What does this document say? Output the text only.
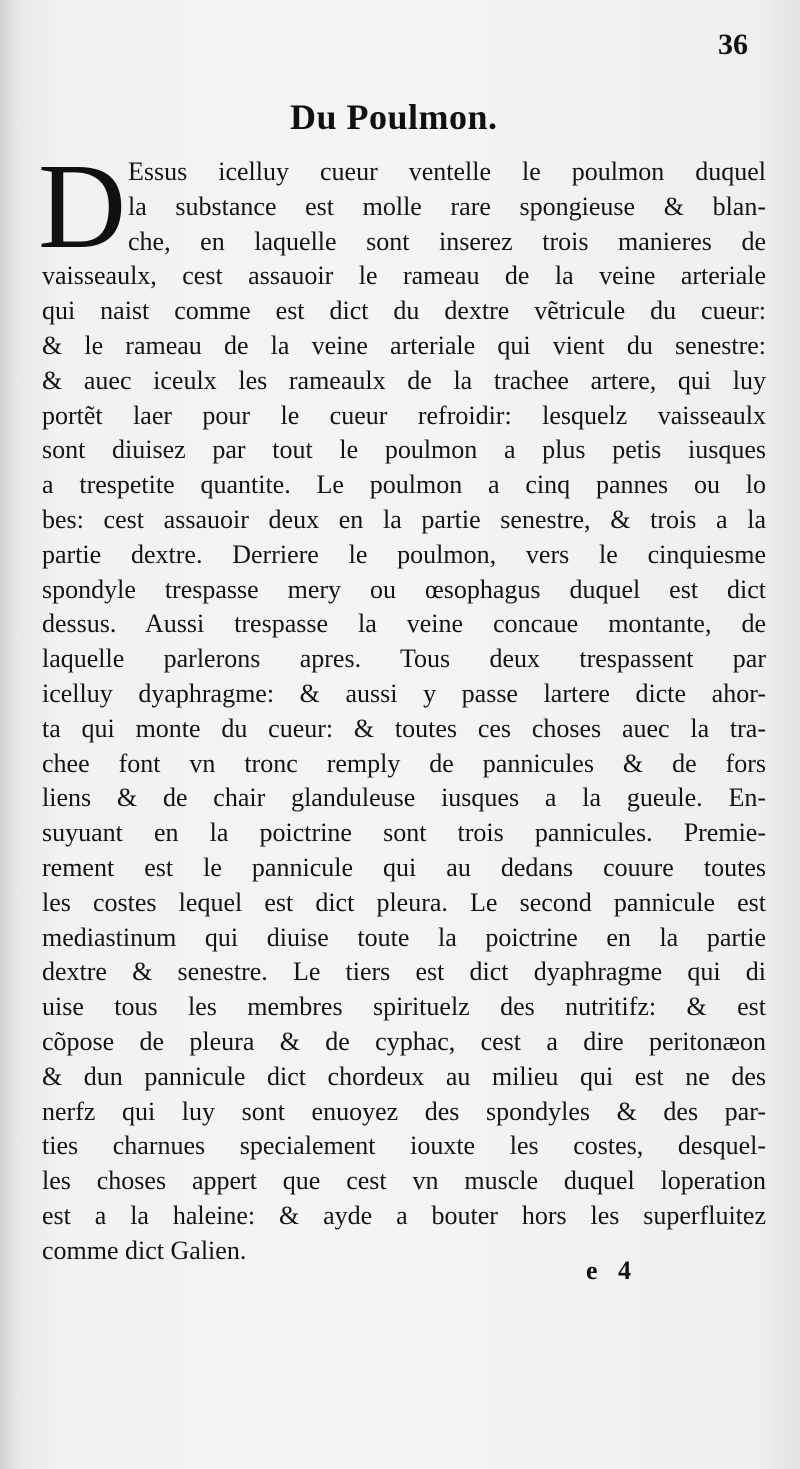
36
Du Poulmon.
D Essus icelluy cueur ventelle le poulmon duquel
la substance est molle rare spongieuse & blan-
che, en laquelle sont inserez trois manieres de
vaisseaulx, cest assauoir le rameau de la veine arteriale
qui naist comme est dict du dextre vẽtricule du cueur:
& le rameau de la veine arteriale qui vient du senestre:
& auec iceulx les rameaulx de la trachee artere, qui luy
portẽt laer pour le cueur refroidir: lesquelz vaisseaulx
sont diuisez par tout le poulmon a plus petis iusques
a trespetite quantite. Le poulmon a cinq pannes ou lo
bes: cest assauoir deux en la partie senestre, & trois a la
partie dextre. Derriere le poulmon, vers le cinquiesme
spondyle trespasse mery ou œsophagus duquel est dict
dessus. Aussi trespasse la veine concaue montante, de
laquelle parlerons apres. Tous deux trespassent par
icelluy dyaphragme: & aussi y passe lartere dicte ahor-
ta qui monte du cueur: & toutes ces choses auec la tra-
chee font vn tronc remply de pannicules & de fors
liens & de chair glanduleuse iusques a la gueule. En-
suyuant en la poictrine sont trois pannicules. Premie-
rement est le pannicule qui au dedans couure toutes
les costes lequel est dict pleura. Le second pannicule est
mediastinum qui diuise toute la poictrine en la partie
dextre & senestre. Le tiers est dict dyaphragme qui di
uise tous les membres spirituelz des nutritifz: & est
cõpose de pleura & de cyphac, cest a dire peritonæon
& dun pannicule dict chordeux au milieu qui est ne des
nerfz qui luy sont enuoyez des spondyles & des par-
ties charnues specialement iouxte les costes, desquel-
les choses appert que cest vn muscle duquel loperation
est a la haleine: & ayde a bouter hors les superfluitez
comme dict Galien.
e 4
